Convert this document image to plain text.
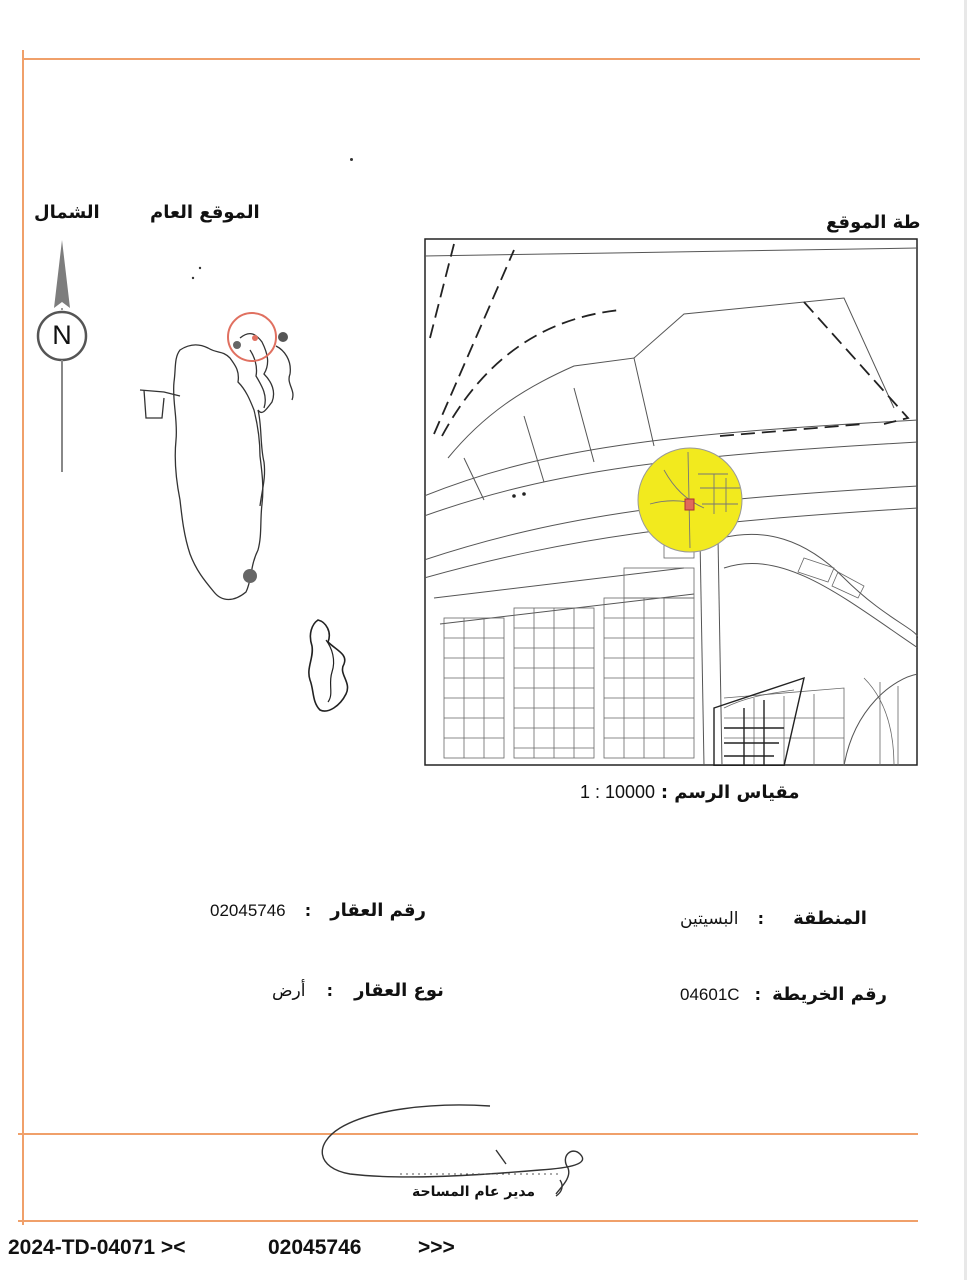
الشمال	الموقع العام	طة الموقع
N
1 : 10000 مقياس الرسم :
02045746 : رقم العقار	البسيتين : المنطقة
أرض : نوع العقار	04601C : رقم الخريطة
مدير عام المساحة
2024-TD-04071 ><	02045746	>>>
